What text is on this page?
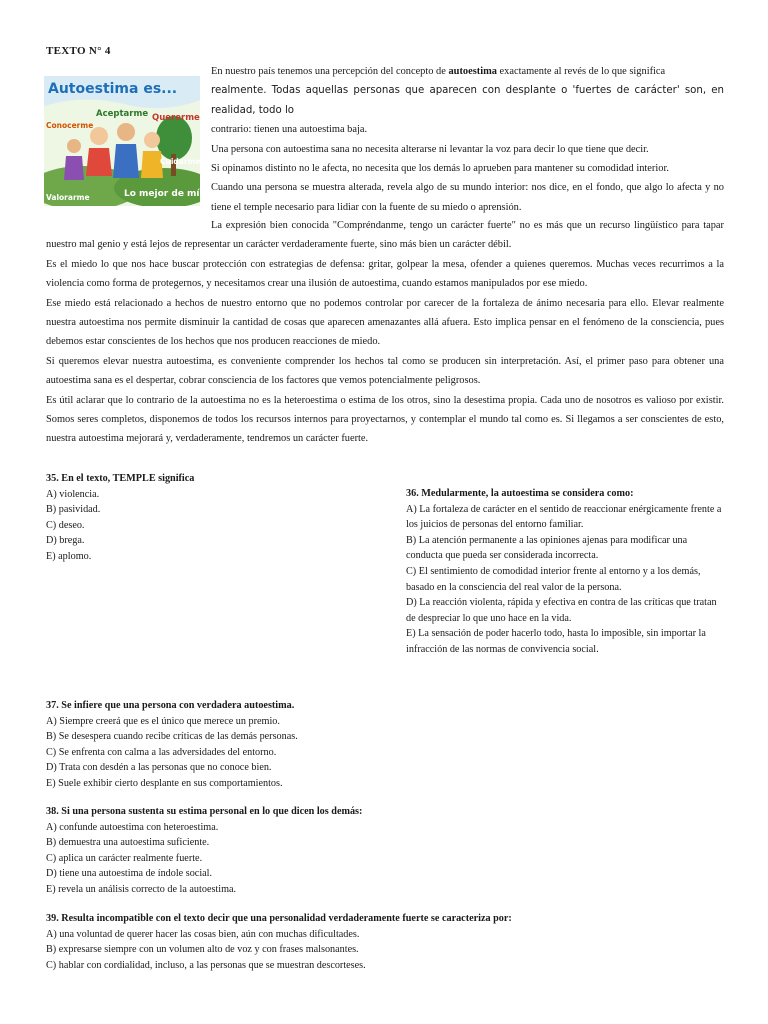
TEXTO N° 4
Autoestima es...
Aceptarme Quererme
Conocerme
Cuidarme
Valorarme	Lo mejor de mí

En nuestro país tenemos una percepción del concepto de autoestima exactamente al revés de lo que significa

realmente. Todas aquellas personas que aparecen con desplante o 'fuertes de carácter' son, en realidad, todo lo

contrario: tienen una autoestima baja.

Una persona con autoestima sana no necesita alterarse ni levantar la voz para decir lo que tiene que decir.

Si opinamos distinto no le afecta, no necesita que los demás lo aprueben para mantener su comodidad interior.

Cuando una persona se muestra alterada, revela algo de su mundo interior: nos dice, en el fondo, que algo lo afecta y no tiene el temple necesario para lidiar con la fuente de su miedo o aprensión.

La expresión bien conocida "Compréndanme, tengo un carácter fuerte" no es más que un recurso lingüístico para tapar nuestro mal genio y está lejos de representar un carácter verdaderamente fuerte, sino más bien un carácter débil.

Es el miedo lo que nos hace buscar protección con estrategias de defensa: gritar, golpear la mesa, ofender a quienes queremos. Muchas veces recurrimos a la violencia como forma de protegernos, y necesitamos crear una ilusión de autoestima, cuando estamos manipulados por ese miedo.

Ese miedo está relacionado a hechos de nuestro entorno que no podemos controlar por carecer de la fortaleza de ánimo necesaria para ello. Elevar realmente nuestra autoestima nos permite disminuir la cantidad de cosas que aparecen amenazantes allá afuera. Esto implica pensar en el fenómeno de la consciencia, pues debemos estar conscientes de los hechos que nos producen reacciones de miedo.

Si queremos elevar nuestra autoestima, es conveniente comprender los hechos tal como se producen sin interpretación. Así, el primer paso para obtener una autoestima sana es el despertar, cobrar consciencia de los factores que vemos potencialmente peligrosos.

Es útil aclarar que lo contrario de la autoestima no es la heteroestima o estima de los otros, sino la desestima propia. Cada uno de nosotros es valioso por existir. Somos seres completos, disponemos de todos los recursos internos para proyectarnos, y contemplar el mundo tal como es. Si llegamos a ser conscientes de esto, nuestra autoestima mejorará y, verdaderamente, tendremos un carácter fuerte.

35. En el texto, TEMPLE significa
A) violencia.
B) pasividad.
C) deseo.
D) brega.
E) aplomo.
36. Medularmente, la autoestima se considera como:
A) La fortaleza de carácter en el sentido de reaccionar enérgicamente frente a los juicios de personas del entorno familiar.
B) La atención permanente a las opiniones ajenas para modificar una conducta que pueda ser considerada incorrecta.
C) El sentimiento de comodidad interior frente al entorno y a los demás, basado en la consciencia del real valor de la persona.
D) La reacción violenta, rápida y efectiva en contra de las críticas que tratan de despreciar lo que uno hace en la vida.
E) La sensación de poder hacerlo todo, hasta lo imposible, sin importar la infracción de las normas de convivencia social.
37. Se infiere que una persona con verdadera autoestima.
A) Siempre creerá que es el único que merece un premio.
B) Se desespera cuando recibe críticas de las demás personas.
C) Se enfrenta con calma a las adversidades del entorno.
D) Trata con desdén a las personas que no conoce bien.
E) Suele exhibir cierto desplante en sus comportamientos.
38. Si una persona sustenta su estima personal en lo que dicen los demás:
A) confunde autoestima con heteroestima.
B) demuestra una autoestima suficiente.
C) aplica un carácter realmente fuerte.
D) tiene una autoestima de índole social.
E) revela un análisis correcto de la autoestima.
39. Resulta incompatible con el texto decir que una personalidad verdaderamente fuerte se caracteriza por:
A) una voluntad de querer hacer las cosas bien, aún con muchas dificultades.
B) expresarse siempre con un volumen alto de voz y con frases malsonantes.
C) hablar con cordialidad, incluso, a las personas que se muestran descorteses.
